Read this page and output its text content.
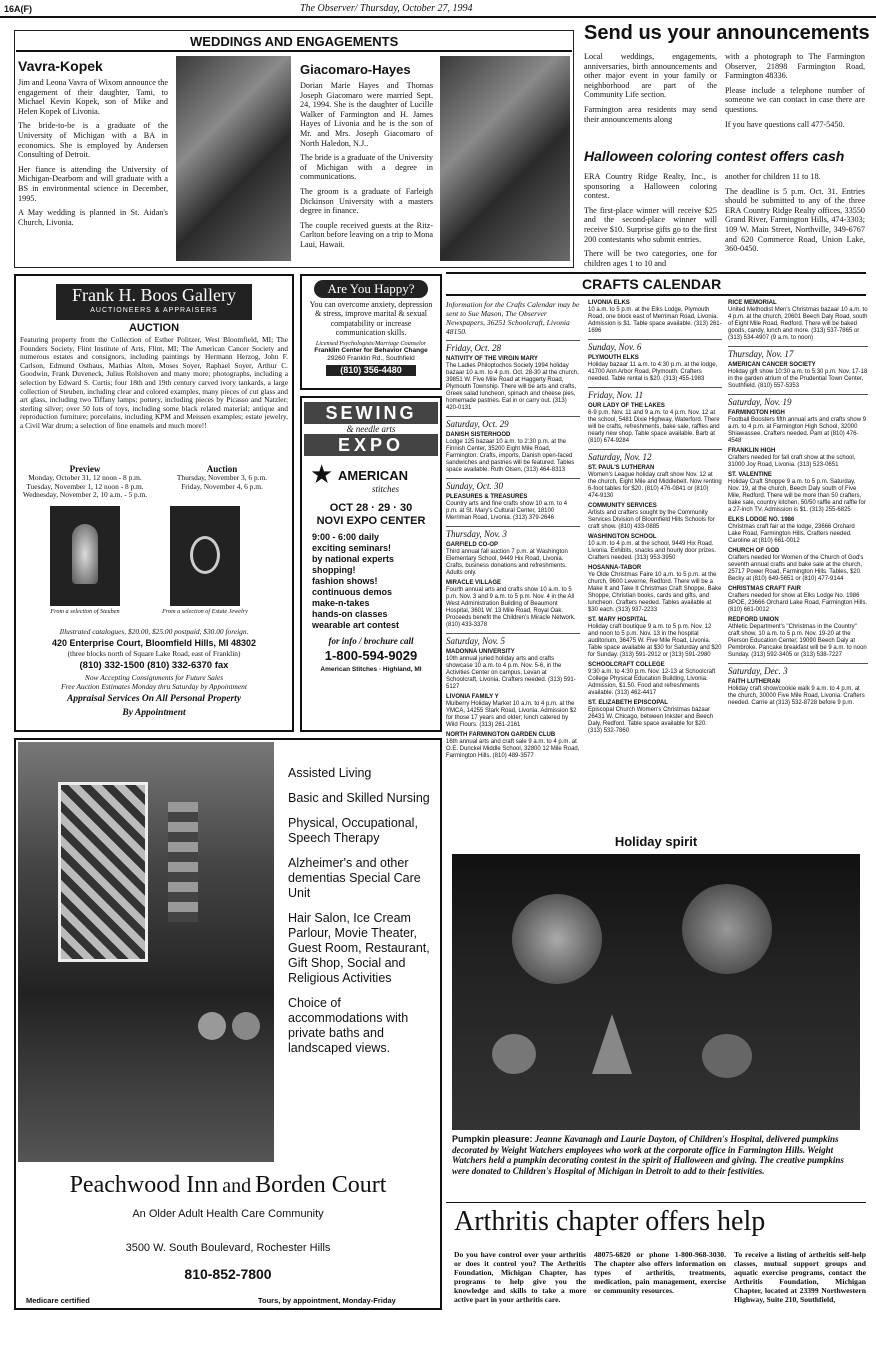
16A(F)	The Observer/ Thursday, October 27, 1994
WEDDINGS AND ENGAGEMENTS
Vavra-Kopek

Jim and Leona Vavra of Wixom announce the engagement of their daughter, Tami, to Michael Kevin Kopek, son of Mike and Helen Kopek of Livonia.

The bride-to-be is a graduate of the University of Michigan with a BA in economics. She is employed by Andersen Consulting of Detroit.

Her fiance is attending the University of Michigan-Dearborn and will graduate with a BS in environmental science in December, 1995.

A May wedding is planned in St. Aidan's Church, Livonia.

Giacomaro-Hayes

Dorian Marie Hayes and Thomas Joseph Giacomaro were married Sept. 24, 1994. She is the daughter of Lucille Walker of Farmington and H. James Hayes of Livonia and he is the son of Mr. and Mrs. Joseph Giacomaro of North Haledon, N.J..

The bride is a graduate of the University of Michigan with a degree in communications.

The groom is a graduate of Farleigh Dickinson University with a masters degree in finance.

The couple received guests at the Ritz-Carlton before leaving on a trip to Mona Laui, Hawaii.

Send us your announcements

Local weddings, engagements, anniversaries, birth announcements and other major event in your family or neighborhood are part of the Community Life section.

Farmington area residents may send their announcements along

with a photograph to The Farmington Observer, 21898 Farmington Road, Farmington 48336.

Please include a telephone number of someone we can contact in case there are questions.

If you have questions call 477-5450.

Halloween coloring contest offers cash

ERA Country Ridge Realty, Inc., is sponsoring a Halloween coloring contest.

The first-place winner will receive $25 and the second-place winner will receive $10. Surprise gifts go to the first 200 contestants who submit entries.

There will be two categories, one for children ages 1 to 10 and

another for children 11 to 18.

The deadline is 5 p.m. Oct. 31. Entries should be submitted to any of the three ERA Country Ridge Realty offices, 33550 Grand River, Farmington Hills, 474-3303; 109 W. Main Street, Northville, 349-6767 and 620 Commerce Road, Union Lake, 360-0450.

Frank H. Boos Gallery
AUCTIONEERS & APPRAISERS
AUCTION
Featuring property from the Collection of Esther Politzer, West Bloomfield, MI; The Founders Society, Flint Institute of Arts, Flint, MI; The American Cancer Society and numerous estates and consignors, including paintings by Hermann Herzog, John F. Carlson, Edmund Osthaus, Mathias Alten, Moses Soyer, Raphael Soyer, Arthur C. Goodwin, Frank Duveneck, Julius Rolshoven and many more; photographs, including a selection by Edward S. Curtis; four 18th and 19th century carved ivory tankards, a large collection of Steuben, including clear and colored examples, many pieces of cut glass and art glass, including two Tiffany lamps; pottery, including pieces by Picasso and Natzler; sterling silver; over 50 lots of toys, including some black related material; antique and reproduction furniture; porcelains, including KPM and Meissen examples; estate jewelry, a Civil War drum; a selection of fine enamels and much more!!
Preview
Monday, October 31, 12 noon - 8 p.m.
Tuesday, November 1, 12 noon - 8 p.m.
Wednesday, November 2, 10 a.m. - 5 p.m.
Auction
Thursday, November 3, 6 p.m.
Friday, November 4, 6 p.m.
From a selection of Steuben	From a selection of Estate Jewelry
Illustrated catalogues, $20.00, $25.00 postpaid, $30.00 foreign.
420 Enterprise Court, Bloomfield Hills, MI 48302
(three blocks north of Square Lake Road, east of Franklin)
(810) 332-1500 (810) 332-6370 fax
Now Accepting Consignments for Future Sales
Free Auction Estimates Monday thru Saturday by Appointment
Appraisal Services On All Personal Property
By Appointment
Are You Happy?
You can overcome anxiety, depression & stress, improve marital & sexual compatability or increase communication skills.
Licensed Psychologists/Marriage Counselor
Franklin Center for Behavior Change
29260 Franklin Rd., Southfield
(810) 356-4480
SEWING
& needle arts
EXPO
★ AMERICAN
stitches
OCT 28 · 29 · 30
NOVI EXPO CENTER
9:00 - 6:00 daily
exciting seminars!
by national experts
shopping!
fashion shows!
continuous demos
make-n-takes
hands-on classes
wearable art contest
for info / brochure call
1-800-594-9029
American Stitches · Highland, MI
Assisted Living
Basic and Skilled Nursing
Physical, Occupational, Speech Therapy
Alzheimer's and other dementias Special Care Unit
Hair Salon, Ice Cream Parlour, Movie Theater, Guest Room, Restaurant, Gift Shop, Social and Religious Activities
Choice of accommodations with private baths and landscaped views.
Peachwood Inn and Borden Court
An Older Adult Health Care Community
3500 W. South Boulevard, Rochester Hills
810-852-7800
Medicare certified	Tours, by appointment, Monday-Friday
CRAFTS CALENDAR
Information for the Crafts Calendar may be sent to Sue Mason, The Observer Newspapers, 36251 Schoolcraft, Livonia 48150.
Friday, Oct. 28
NATIVITY OF THE VIRGIN MARY
The Ladies Philoptochos Society 1994 holiday bazaar 10 a.m. to 4 p.m. Oct. 28-30 at the church, 39851 W. Five Mile Road at Haggerty Road, Plymouth Township. There will be arts and crafts, Greek salad luncheon, spinach and cheese pies, homemade pastries. Eat in or carry out. (313) 420-0131
Saturday, Oct. 29
DANISH SISTERHOOD
Lodge 125 bazaar 10 a.m. to 2:30 p.m. at the Finnish Center, 35200 Eight Mile Road, Farmington. Crafts, imports, Danish open-faced sandwiches and pastries will be featured. Tables space available. Ruth Olsen, (313) 464-8313
Sunday, Oct. 30
PLEASURES & TREASURES
Country arts and fine crafts show 10 a.m. to 4 p.m. at St. Mary's Cultural Center, 18100 Merriman Road, Livonia. (313) 379-2646
Thursday, Nov. 3
GARFIELD CO-OP
Third annual fall auction 7 p.m. at Washington Elementary School, 9449 Hix Road, Livonia. Crafts, business donations and refreshments. Adults only.
MIRACLE VILLAGE
Fourth annual arts and crafts show 10 a.m. to 5 p.m. Nov. 3 and 9 a.m. to 5 p.m. Nov. 4 in the All West Administration Building of Beaumont Hospital, 3601 W. 13 Mile Road, Royal Oak. Proceeds benefit the Children's Miracle Network. (810) 433-3378
Saturday, Nov. 5
MADONNA UNIVERSITY
10th annual juried holiday arts and crafts showcase 10 a.m. to 4 p.m. Nov. 5-6, in the Activities Center on campus, Levan at Schoolcraft, Livonia. Crafters needed. (313) 591-5127
LIVONIA FAMILY Y
Mulberry Holiday Market 10 a.m. to 4 p.m. at the YMCA, 14255 Stark Road, Livonia. Admission $2 for those 17 years and older; lunch catered by Wild Flours. (313) 261-2161
NORTH FARMINGTON GARDEN CLUB
16th annual arts and craft sale 9 a.m. to 4 p.m. at O.E. Dunckel Middle School, 32800 12 Mile Road, Farmington Hills. (810) 489-3577
LIVONIA ELKS
10 a.m. to 5 p.m. at the Elks Lodge, Plymouth Road, one block east of Merriman Road, Livonia. Admission is $1. Table space available. (313) 261-1696
Sunday, Nov. 6
PLYMOUTH ELKS
Holiday bazaar 11 a.m. to 4:30 p.m. at the lodge, 41700 Ann Arbor Road, Plymouth. Crafters needed. Table rental is $20. (313) 455-1983
Friday, Nov. 11
OUR LADY OF THE LAKES
6-9 p.m. Nov. 11 and 9 a.m. to 4 p.m. Nov. 12 at the school, 5481 Dixie Highway, Waterford. There will be crafts, refreshments, bake sale, raffles and nearly new shop. Table space available. Barb at (810) 674-9284
Saturday, Nov. 12
ST. PAUL'S LUTHERAN
Women's League holiday craft show Nov. 12 at the church, Eight Mile and Middlebelt. Now renting 6-foot tables for $20. (810) 476-0841 or (810) 474-9130
COMMUNITY SERVICES
Artists and crafters sought by the Community Services Division of Bloomfield Hills Schools for craft show. (810) 433-0885
WASHINGTON SCHOOL
10 a.m. to 4 p.m. at the school, 9449 Hix Road. Livonia. Exhibits, snacks and hourly door prizes. Crafters needed. (313) 953-3950
HOSANNA-TABOR
Ye Olde Christmas Faire 10 a.m. to 5 p.m. at the church, 9600 Leverne, Redford. There will be a Make It and Take It Christmas Craft Shoppe, Bake Shoppe, Christian books, cards and gifts, and luncheon. Crafters needed. Tables available at $30 each. (313) 937-2233
ST. MARY HOSPITAL
Holiday craft boutique 9 a.m. to 5 p.m. Nov. 12 and noon to 5 p.m. Nov. 13 in the hospital auditorium, 36475 W. Five Mile Road, Livonia. Table space available at $30 for Saturday and $20 for Sunday. (313) 591-2912 or (313) 591-2980
SCHOOLCRAFT COLLEGE
9:30 a.m. to 4:30 p.m. Nov. 12-13 at Schoolcraft College Physical Education Building, Livonia. Admission, $1.50. Food and refreshments available. (313) 462-4417
ST. ELIZABETH EPISCOPAL
Episcopal Church Women's Christmas bazaar 26431 W. Chicago, between Inkster and Beech Daly, Redford. Table space available for $20. (313) 532-7860
RICE MEMORIAL
United Methodist Men's Christmas bazaar 10 a.m. to 4 p.m. at the church, 20601 Beech Daly Road, south of Eight Mile Road, Redford. There will be baked goods, candy, lunch and more. (313) 537-7865 or (313) 534-4907 (9 a.m. to noon)
Thursday, Nov. 17
AMERICAN CANCER SOCIETY
Holiday gift show 10:30 a.m. to 5:30 p.m. Nov. 17-18 in the garden atrium of the Prudential Town Center, Southfield. (810) 557-5353
Saturday, Nov. 19
FARMINGTON HIGH
Football Boosters fifth annual arts and crafts show 9 a.m. to 4 p.m. at Farmington High School, 32000 Shiawassee. Crafters needed. Pam at (810) 476-4548
FRANKLIN HIGH
Crafters needed for fall craft show at the school, 31000 Joy Road, Livonia. (313) 523-0651
ST. VALENTINE
Holiday Craft Shoppe 9 a.m. to 5 p.m. Saturday, Nov. 19, at the church, Beech Daly south of Five Mile, Redford. There will be more than 50 crafters, bake sale, country kitchen, 50/50 raffle and raffle for a 27-inch TV. Admission is $1. (313) 255-6825
ELKS LODGE NO. 1986
Christmas craft fair at the lodge, 23666 Orchard Lake Road, Farmington Hills. Crafters needed. Caroline at (810) 661-0012
CHURCH OF GOD
Crafters needed for Women of the Church of God's seventh annual crafts and bake sale at the church, 25717 Power Road, Farmington Hills. Tables, $20. Becky at (810) 649-5651 or (810) 477-9144
CHRISTMAS CRAFT FAIR
Crafters needed for show at Elks Lodge No. 1986 BPOE, 23666 Orchard Lake Road, Farmington Hills. (810) 661-0012
REDFORD UNION
Athletic Department's "Christmas in the Country" craft show, 10 a.m. to 5 p.m. Nov. 19-20 at the Pierson Education Center, 19090 Beech Daly at Pembroke. Pancake breakfast will be 9 a.m. to noon Sunday. (313) 592-3405 or (313) 538-7227
Saturday, Dec. 3
FAITH LUTHERAN
Holiday craft show/cookie walk 9 a.m. to 4 p.m. at the church, 30000 Five Mile Road, Livonia. Crafters needed. Carrie at (313) 532-8728 before 9 p.m.
Holiday spirit
Pumpkin pleasure: Jeanne Kavanagh and Laurie Dayton, of Children's Hospital, delivered pumpkins decorated by Weight Watchers employees who work at the corporate office in Farmington Hills. Weight Watchers held a pumpkin decorating contest in the spirit of Halloween and giving. The creative pumpkins were donated to Children's Hospital of Michigan in Detroit to add to their festivities.
Arthritis chapter offers help
Do you have control over your arthritis or does it control you? The Arthritis Foundation, Michigan Chapter, has programs to help give you the knowledge and skills to take a more active part in your arthritis care.
48075-6820 or phone 1-800-968-3030. The chapter also offers information on types of arthritis, treatments, medication, pain management, exercise or community resources.
To receive a listing of arthritis self-help classes, mutual support groups and aquatic exercise programs, contact the Arthritis Foundation, Michigan Chapter, located at 23399 Northwestern Highway, Suite 210, Southfield,
